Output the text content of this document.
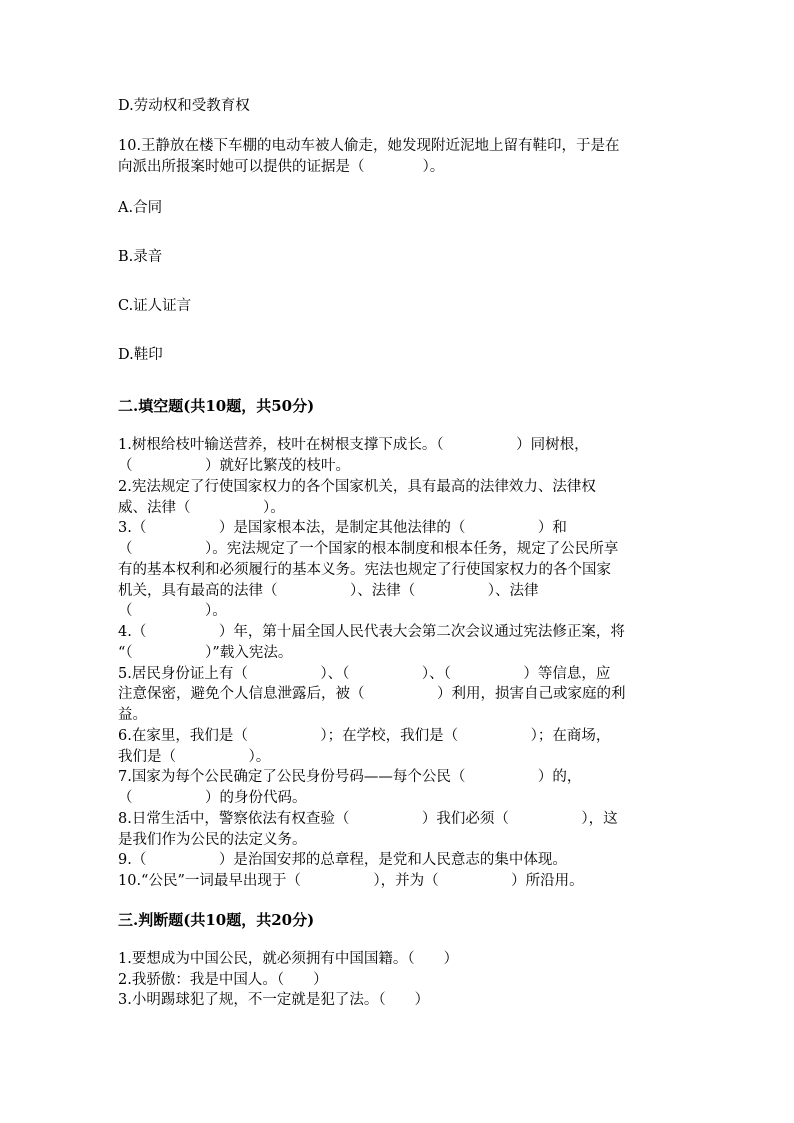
D.劳动权和受教育权
10.王静放在楼下车棚的电动车被人偷走，她发现附近泥地上留有鞋印，于是在
向派出所报案时她可以提供的证据是（　　　　）。
A.合同
B.录音
C.证人证言
D.鞋印
二.填空题(共10题，共50分)
1.树根给枝叶输送营养，枝叶在树根支撑下成长。（　　　　　）同树根，
（　　　　　）就好比繁茂的枝叶。
2.宪法规定了行使国家权力的各个国家机关，具有最高的法律效力、法律权
威、法律（　　　　　）。
3.（　　　　　）是国家根本法，是制定其他法律的（　　　　　）和
（　　　　　）。宪法规定了一个国家的根本制度和根本任务，规定了公民所享
有的基本权利和必须履行的基本义务。宪法也规定了行使国家权力的各个国家
机关，具有最高的法律（　　　　　）、法律（　　　　　）、法律
（　　　　　）。
4.（　　　　　）年，第十届全国人民代表大会第二次会议通过宪法修正案，将
“（　　　　　）”载入宪法。
5.居民身份证上有（　　　　　）、（　　　　　）、（　　　　　）等信息，应
注意保密，避免个人信息泄露后，被（　　　　　）利用，损害自己或家庭的利
益。
6.在家里，我们是（　　　　　）；在学校，我们是（　　　　　）；在商场，
我们是（　　　　　）。
7.国家为每个公民确定了公民身份号码——每个公民（　　　　　）的，
（　　　　　）的身份代码。
8.日常生活中，警察依法有权查验（　　　　　）我们必须（　　　　　），这
是我们作为公民的法定义务。
9.（　　　　　）是治国安邦的总章程，是党和人民意志的集中体现。
10.“公民”一词最早出现于（　　　　　），并为（　　　　　）所沿用。
三.判断题(共10题，共20分)
1.要想成为中国公民，就必须拥有中国国籍。（　　）
2.我骄傲：我是中国人。（　　）
3.小明踢球犯了规，不一定就是犯了法。（　　）
